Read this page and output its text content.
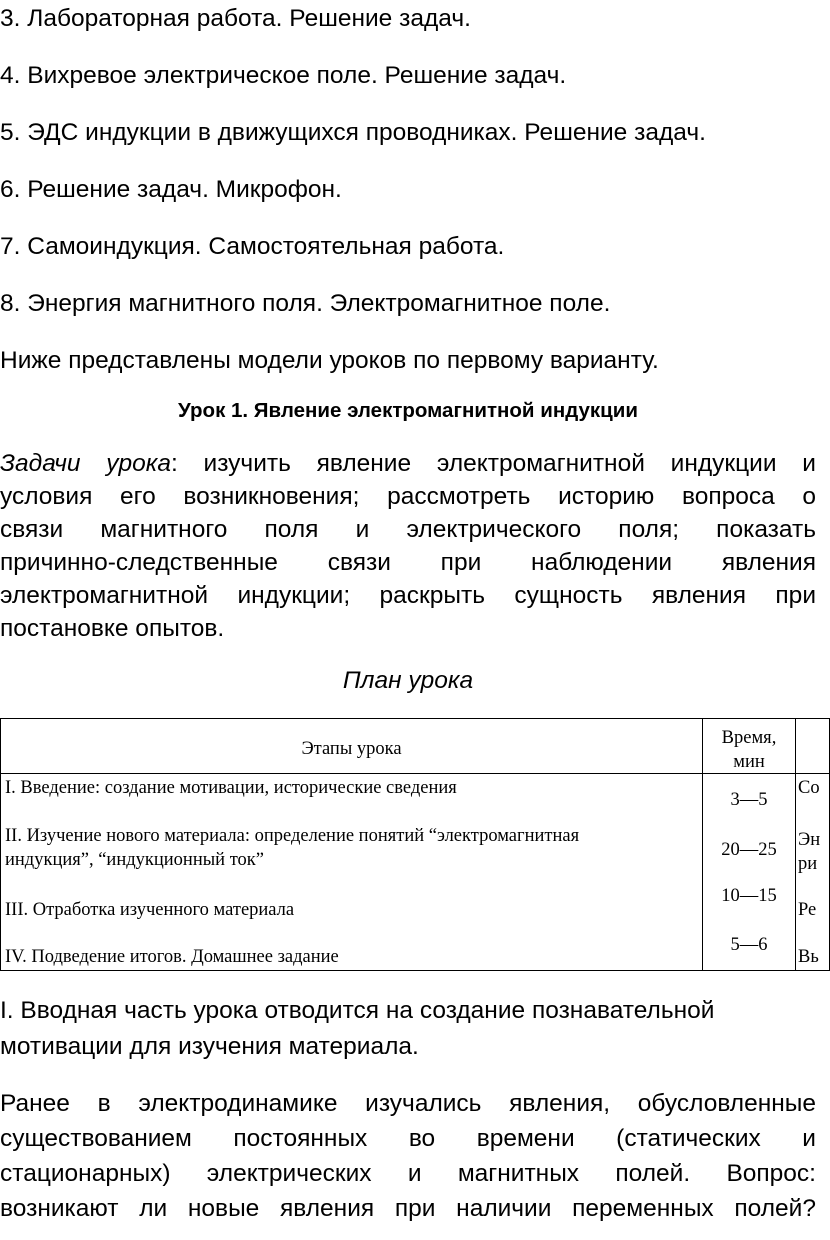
3. Лабораторная работа. Решение задач.
4. Вихревое электрическое поле. Решение задач.
5. ЭДС индукции в движущихся проводниках. Решение задач.
6. Решение задач. Микрофон.
7. Самоиндукция. Самостоятельная работа.
8. Энергия магнитного поля. Электромагнитное поле.
Ниже представлены модели уроков по первому варианту.
Урок 1. Явление электромагнитной индукции
Задачи урока: изучить явление электромагнитной индукции и
условия его возникновения; рассмотреть историю вопроса о
связи магнитного поля и электрического поля; показать
причинно-следственные связи при наблюдении явления
электромагнитной индукции; раскрыть сущность явления при
постановке опытов.
План урока
Этапы урока
Время,
мин
I. Введение: создание мотивации, исторические сведения
3—5
Со
II. Изучение нового материала: определение понятий “электромагнитная
индукция”, “индукционный ток”	20—25	Эн
ри
III. Отработка изученного материала
10—15
Ре
IV. Подведение итогов. Домашнее задание
5—6
Вь
I. Вводная часть урока отводится на создание познавательной
мотивации для изучения материала.
Ранее в электродинамике изучались явления, обусловленные
существованием постоянных во времени (статических и
стационарных) электрических и магнитных полей. Вопрос:
возникают ли новые явления при наличии переменных полей?
